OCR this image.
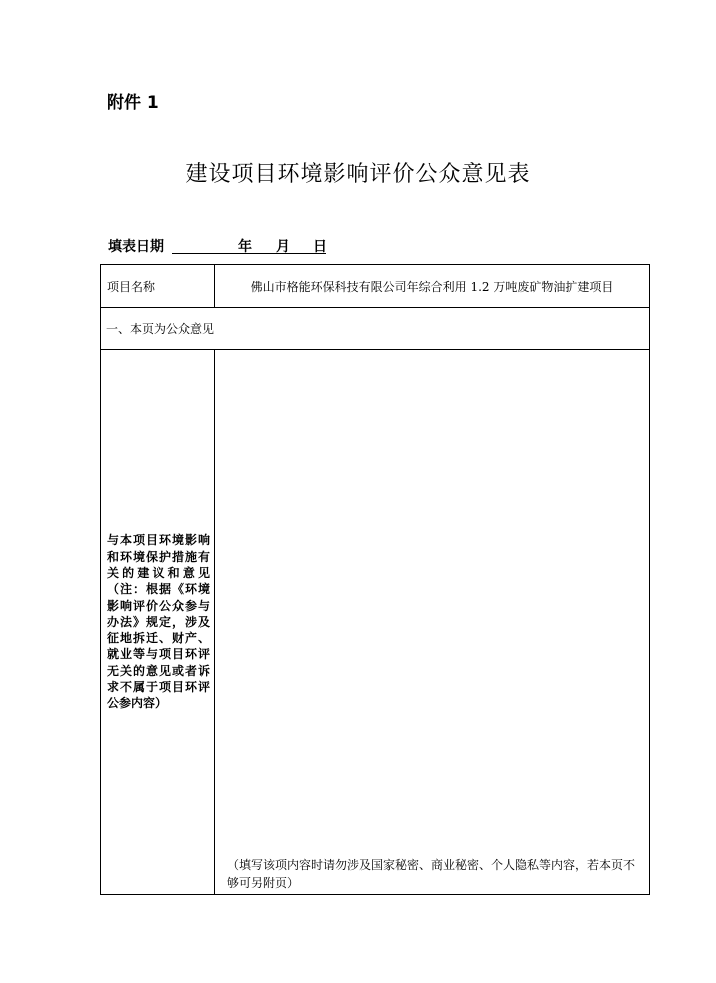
附件 1
建设项目环境影响评价公众意见表
填表日期	年 月 日
项目名称	佛山市格能环保科技有限公司年综合利用 1.2 万吨废矿物油扩建项目
一、本页为公众意见	
与本项目环境影响和环境保护措施有关的建议和意见（注：根据《环境影响评价公众参与办法》规定，涉及征地拆迁、财产、就业等与项目环评无关的意见或者诉求不属于项目环评公参内容）	（填写该项内容时请勿涉及国家秘密、商业秘密、个人隐私等内容，若本页不够可另附页）
